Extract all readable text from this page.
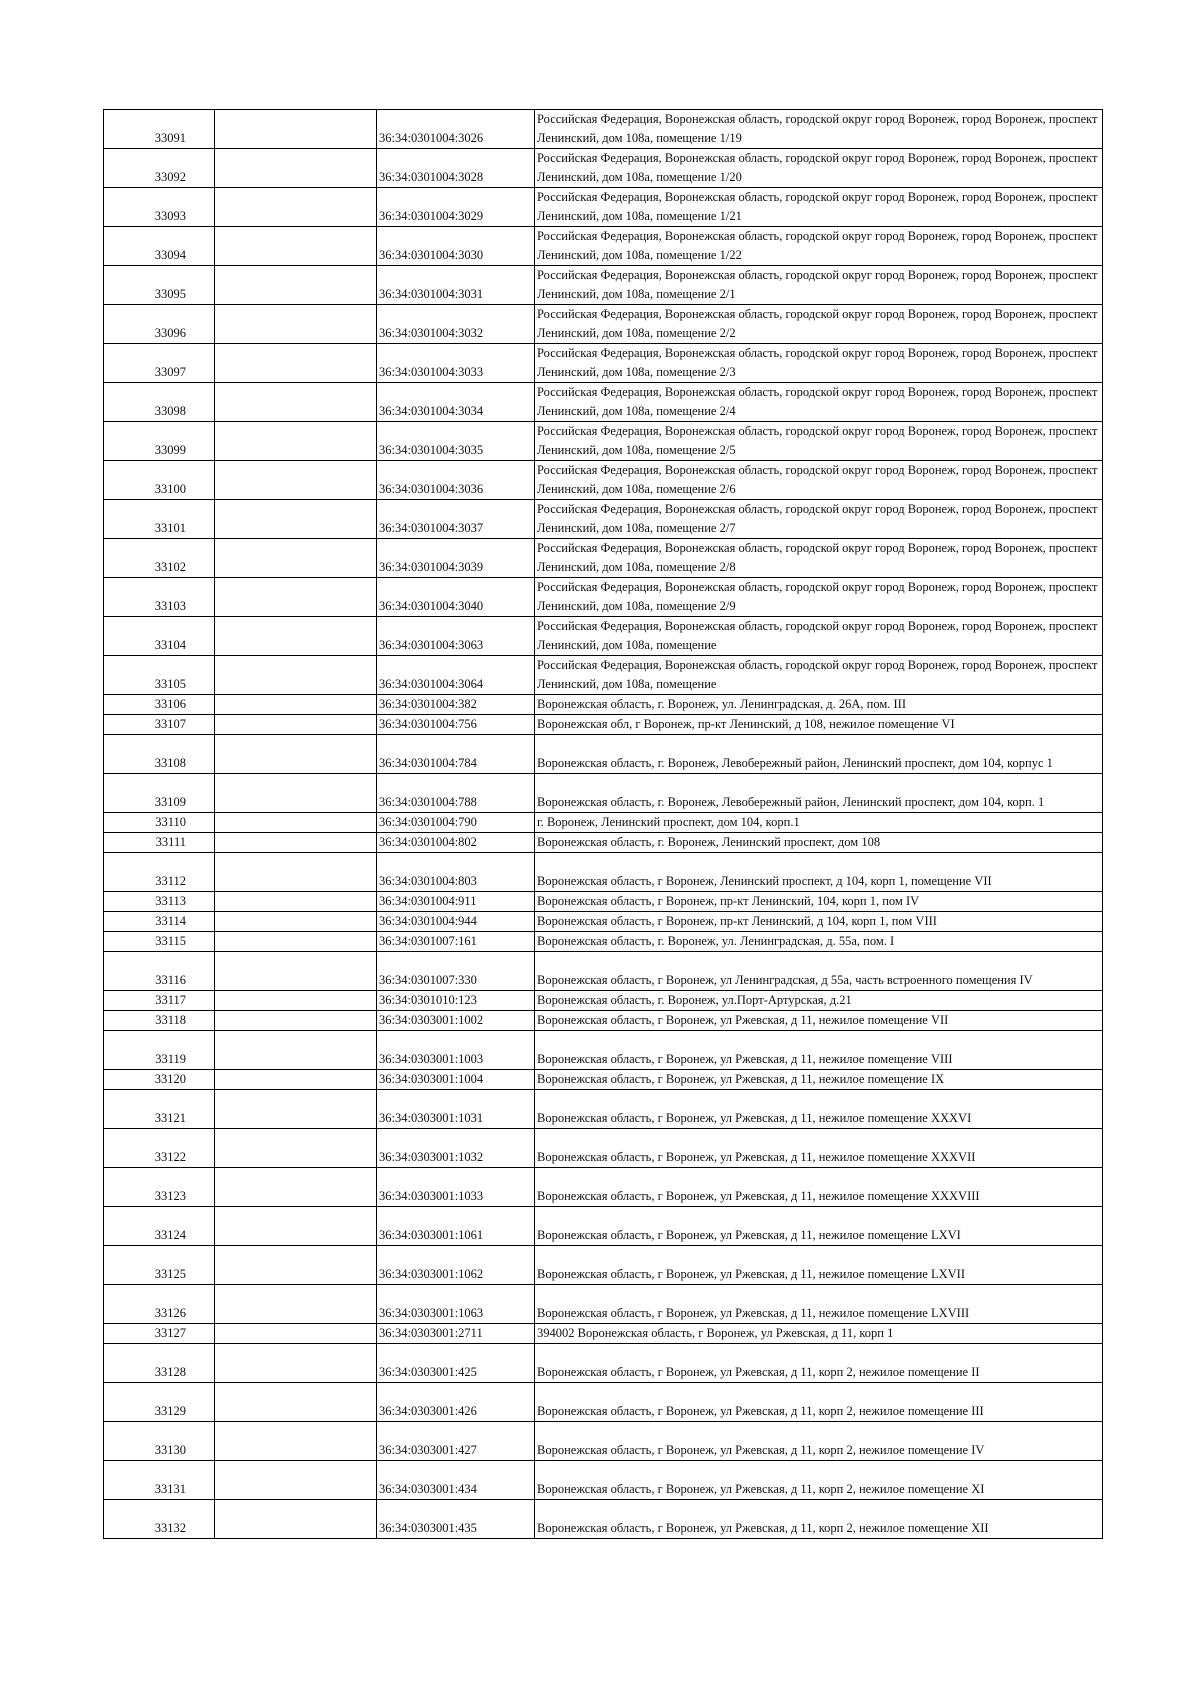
33091		36:34:0301004:3026	Российская Федерация, Воронежская область, городской округ город Воронеж, город Воронеж, проспект Ленинский, дом 108а, помещение 1/19
33092		36:34:0301004:3028	Российская Федерация, Воронежская область, городской округ город Воронеж, город Воронеж, проспект Ленинский, дом 108а, помещение 1/20
33093		36:34:0301004:3029	Российская Федерация, Воронежская область, городской округ город Воронеж, город Воронеж, проспект Ленинский, дом 108а, помещение 1/21
33094		36:34:0301004:3030	Российская Федерация, Воронежская область, городской округ город Воронеж, город Воронеж, проспект Ленинский, дом 108а, помещение 1/22
33095		36:34:0301004:3031	Российская Федерация, Воронежская область, городской округ город Воронеж, город Воронеж, проспект Ленинский, дом 108а, помещение 2/1
33096		36:34:0301004:3032	Российская Федерация, Воронежская область, городской округ город Воронеж, город Воронеж, проспект Ленинский, дом 108а, помещение 2/2
33097		36:34:0301004:3033	Российская Федерация, Воронежская область, городской округ город Воронеж, город Воронеж, проспект Ленинский, дом 108а, помещение 2/3
33098		36:34:0301004:3034	Российская Федерация, Воронежская область, городской округ город Воронеж, город Воронеж, проспект Ленинский, дом 108а, помещение 2/4
33099		36:34:0301004:3035	Российская Федерация, Воронежская область, городской округ город Воронеж, город Воронеж, проспект Ленинский, дом 108а, помещение 2/5
33100		36:34:0301004:3036	Российская Федерация, Воронежская область, городской округ город Воронеж, город Воронеж, проспект Ленинский, дом 108а, помещение 2/6
33101		36:34:0301004:3037	Российская Федерация, Воронежская область, городской округ город Воронеж, город Воронеж, проспект Ленинский, дом 108а, помещение 2/7
33102		36:34:0301004:3039	Российская Федерация, Воронежская область, городской округ город Воронеж, город Воронеж, проспект Ленинский, дом 108а, помещение 2/8
33103		36:34:0301004:3040	Российская Федерация, Воронежская область, городской округ город Воронеж, город Воронеж, проспект Ленинский, дом 108а, помещение 2/9
33104		36:34:0301004:3063	Российская Федерация, Воронежская область, городской округ город Воронеж, город Воронеж, проспект Ленинский, дом 108а, помещение
33105		36:34:0301004:3064	Российская Федерация, Воронежская область, городской округ город Воронеж, город Воронеж, проспект Ленинский, дом 108а, помещение
33106		36:34:0301004:382	Воронежская область, г. Воронеж, ул. Ленинградская, д. 26А, пом. III
33107		36:34:0301004:756	Воронежская обл, г Воронеж, пр-кт Ленинский, д 108, нежилое помещение VI
33108		36:34:0301004:784	Воронежская область, г. Воронеж, Левобережный район, Ленинский проспект, дом 104, корпус 1
33109		36:34:0301004:788	Воронежская область, г. Воронеж, Левобережный район, Ленинский проспект, дом 104, корп. 1
33110		36:34:0301004:790	г. Воронеж, Ленинский проспект, дом 104, корп.1
33111		36:34:0301004:802	Воронежская область, г. Воронеж, Ленинский проспект, дом 108
33112		36:34:0301004:803	Воронежская область, г Воронеж, Ленинский проспект, д 104, корп 1, помещение VII
33113		36:34:0301004:911	Воронежская область, г Воронеж, пр-кт Ленинский, 104, корп 1, пом IV
33114		36:34:0301004:944	Воронежская область, г Воронеж, пр-кт Ленинский, д 104, корп 1, пом VIII
33115		36:34:0301007:161	Воронежская область, г. Воронеж, ул. Ленинградская, д. 55а, пом. I
33116		36:34:0301007:330	Воронежская область, г Воронеж, ул Ленинградская, д 55а, часть встроенного помещения IV
33117		36:34:0301010:123	Воронежская область, г. Воронеж, ул.Порт-Артурская, д.21
33118		36:34:0303001:1002	Воронежская область, г Воронеж, ул Ржевская, д 11, нежилое помещение VII
33119		36:34:0303001:1003	Воронежская область, г Воронеж, ул Ржевская, д 11, нежилое помещение VIII
33120		36:34:0303001:1004	Воронежская область, г Воронеж, ул Ржевская, д 11, нежилое помещение IX
33121		36:34:0303001:1031	Воронежская область, г Воронеж, ул Ржевская, д 11, нежилое помещение XXXVI
33122		36:34:0303001:1032	Воронежская область, г Воронеж, ул Ржевская, д 11, нежилое помещение XXXVII
33123		36:34:0303001:1033	Воронежская область, г Воронеж, ул Ржевская, д 11, нежилое помещение XXXVIII
33124		36:34:0303001:1061	Воронежская область, г Воронеж, ул Ржевская, д 11, нежилое помещение LXVI
33125		36:34:0303001:1062	Воронежская область, г Воронеж, ул Ржевская, д 11, нежилое помещение LXVII
33126		36:34:0303001:1063	Воронежская область, г Воронеж, ул Ржевская, д 11, нежилое помещение LXVIII
33127		36:34:0303001:2711	394002 Воронежская область, г Воронеж, ул Ржевская, д 11, корп 1
33128		36:34:0303001:425	Воронежская область, г Воронеж, ул Ржевская, д 11, корп 2, нежилое помещение II
33129		36:34:0303001:426	Воронежская область, г Воронеж, ул Ржевская, д 11, корп 2, нежилое помещение III
33130		36:34:0303001:427	Воронежская область, г Воронеж, ул Ржевская, д 11, корп 2, нежилое помещение IV
33131		36:34:0303001:434	Воронежская область, г Воронеж, ул Ржевская, д 11, корп 2, нежилое помещение XI
33132		36:34:0303001:435	Воронежская область, г Воронеж, ул Ржевская, д 11, корп 2, нежилое помещение XII
